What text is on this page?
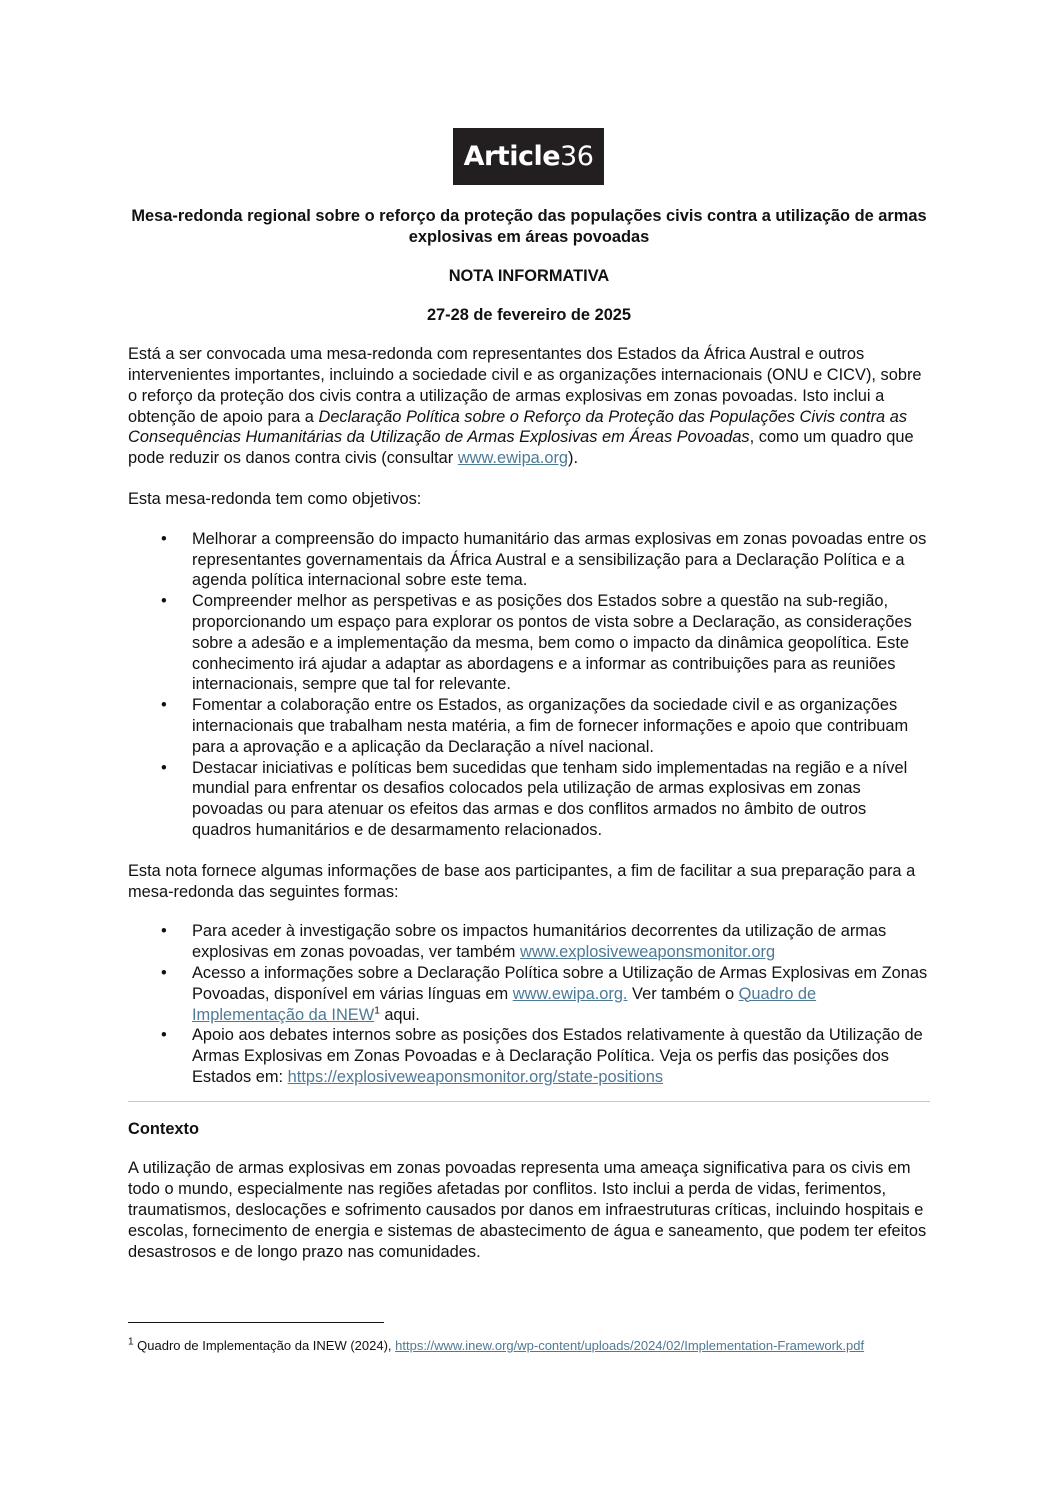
Article 36

Mesa-redonda regional sobre o reforço da proteção das populações civis contra a utilização de armas explosivas em áreas povoadas

NOTA INFORMATIVA

27-28 de fevereiro de 2025

Está a ser convocada uma mesa-redonda com representantes dos Estados da África Austral e outros intervenientes importantes, incluindo a sociedade civil e as organizações internacionais (ONU e CICV), sobre o reforço da proteção dos civis contra a utilização de armas explosivas em zonas povoadas. Isto inclui a obtenção de apoio para a Declaração Política sobre o Reforço da Proteção das Populações Civis contra as Consequências Humanitárias da Utilização de Armas Explosivas em Áreas Povoadas, como um quadro que pode reduzir os danos contra civis (consultar www.ewipa.org).

Esta mesa-redonda tem como objetivos:

• Melhorar a compreensão do impacto humanitário das armas explosivas em zonas povoadas entre os representantes governamentais da África Austral e a sensibilização para a Declaração Política e a agenda política internacional sobre este tema.
• Compreender melhor as perspetivas e as posições dos Estados sobre a questão na sub-região, proporcionando um espaço para explorar os pontos de vista sobre a Declaração, as considerações sobre a adesão e a implementação da mesma, bem como o impacto da dinâmica geopolítica. Este conhecimento irá ajudar a adaptar as abordagens e a informar as contribuições para as reuniões internacionais, sempre que tal for relevante.
• Fomentar a colaboração entre os Estados, as organizações da sociedade civil e as organizações internacionais que trabalham nesta matéria, a fim de fornecer informações e apoio que contribuam para a aprovação e a aplicação da Declaração a nível nacional.
• Destacar iniciativas e políticas bem sucedidas que tenham sido implementadas na região e a nível mundial para enfrentar os desafios colocados pela utilização de armas explosivas em zonas povoadas ou para atenuar os efeitos das armas e dos conflitos armados no âmbito de outros quadros humanitários e de desarmamento relacionados.

Esta nota fornece algumas informações de base aos participantes, a fim de facilitar a sua preparação para a mesa-redonda das seguintes formas:

• Para aceder à investigação sobre os impactos humanitários decorrentes da utilização de armas explosivas em zonas povoadas, ver também www.explosiveweaponsmonitor.org
• Acesso a informações sobre a Declaração Política sobre a Utilização de Armas Explosivas em Zonas Povoadas, disponível em várias línguas em www.ewipa.org. Ver também o Quadro de Implementação da INEW$^1$ aqui.
• Apoio aos debates internos sobre as posições dos Estados relativamente à questão da Utilização de Armas Explosivas em Zonas Povoadas e à Declaração Política. Veja os perfis das posições dos Estados em: https://explosiveweaponsmonitor.org/state-positions

Contexto

A utilização de armas explosivas em zonas povoadas representa uma ameaça significativa para os civis em todo o mundo, especialmente nas regiões afetadas por conflitos. Isto inclui a perda de vidas, ferimentos, traumatismos, deslocações e sofrimento causados por danos em infraestruturas críticas, incluindo hospitais e escolas, fornecimento de energia e sistemas de abastecimento de água e saneamento, que podem ter efeitos desastrosos e de longo prazo nas comunidades.

$^1$ Quadro de Implementação da INEW (2024), https://www.inew.org/wp-content/uploads/2024/02/Implementation-Framework.pdf
